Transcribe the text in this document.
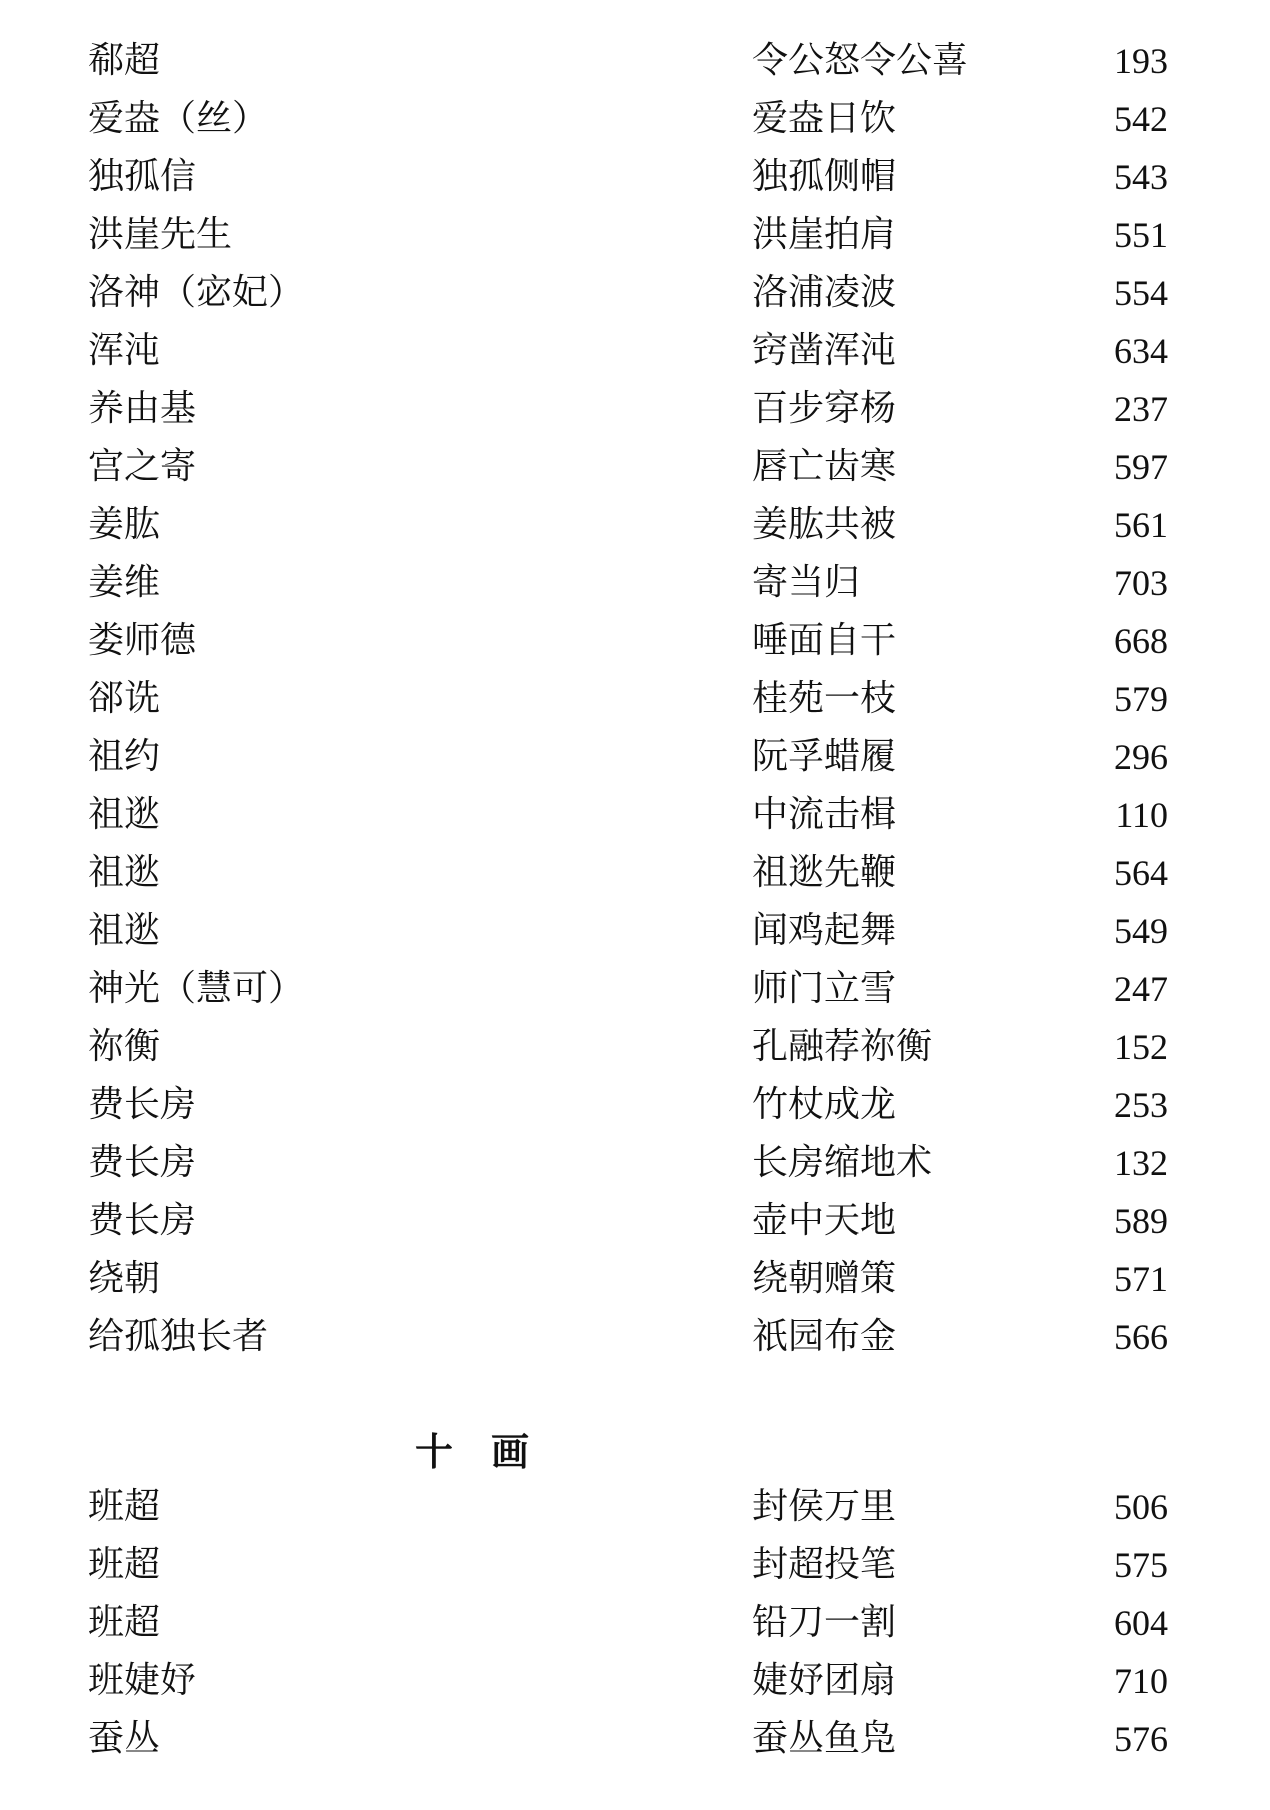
郗超	令公怒令公喜	193
爱盎（丝）	爱盎日饮	542
独孤信	独孤侧帽	543
洪崖先生	洪崖拍肩	551
洛神（宓妃）	洛浦凌波	554
浑沌	窍凿浑沌	634
养由基	百步穿杨	237
宫之寄	唇亡齿寒	597
姜肱	姜肱共被	561
姜维	寄当归	703
娄师德	唾面自干	668
郤诜	桂苑一枝	579
祖约	阮孚蜡履	296
祖逖	中流击楫	110
祖逖	祖逖先鞭	564
祖逖	闻鸡起舞	549
神光（慧可）	师门立雪	247
祢衡	孔融荐祢衡	152
费长房	竹杖成龙	253
费长房	长房缩地术	132
费长房	壶中天地	589
绕朝	绕朝赠策	571
给孤独长者	祇园布金	566
十画
班超	封侯万里	506
班超	封超投笔	575
班超	铅刀一割	604
班婕妤	婕妤团扇	710
蚕丛	蚕丛鱼凫	576
